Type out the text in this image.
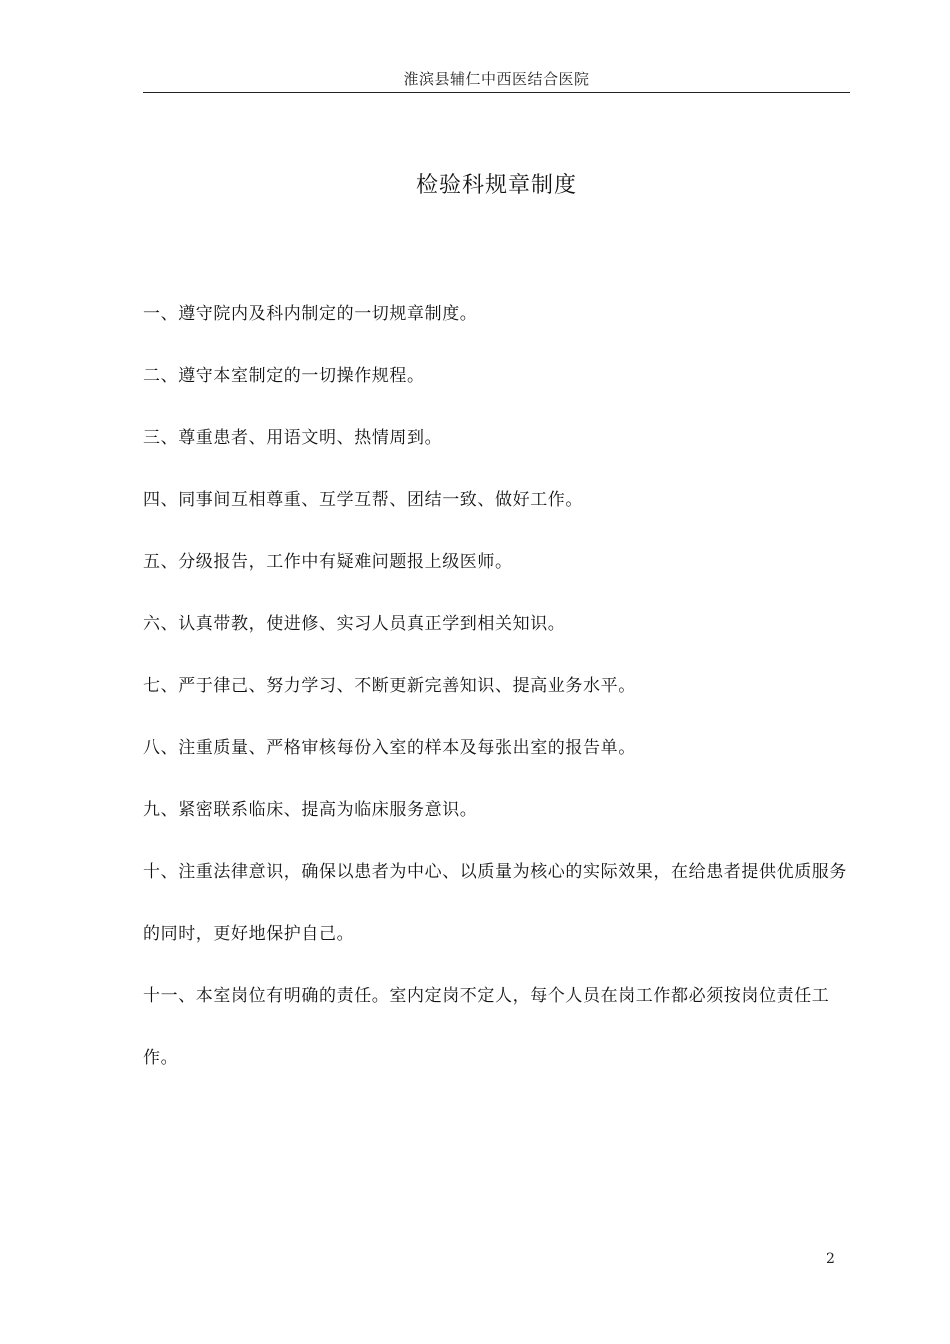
淮滨县辅仁中西医结合医院
检验科规章制度
一、遵守院内及科内制定的一切规章制度。
二、遵守本室制定的一切操作规程。
三、尊重患者、用语文明、热情周到。
四、同事间互相尊重、互学互帮、团结一致、做好工作。
五、分级报告，工作中有疑难问题报上级医师。
六、认真带教，使进修、实习人员真正学到相关知识。
七、严于律己、努力学习、不断更新完善知识、提高业务水平。
八、注重质量、严格审核每份入室的样本及每张出室的报告单。
九、紧密联系临床、提高为临床服务意识。
十、注重法律意识，确保以患者为中心、以质量为核心的实际效果，在给患者提供优质服务的同时，更好地保护自己。
十一、本室岗位有明确的责任。室内定岗不定人，每个人员在岗工作都必须按岗位责任工作。
2
